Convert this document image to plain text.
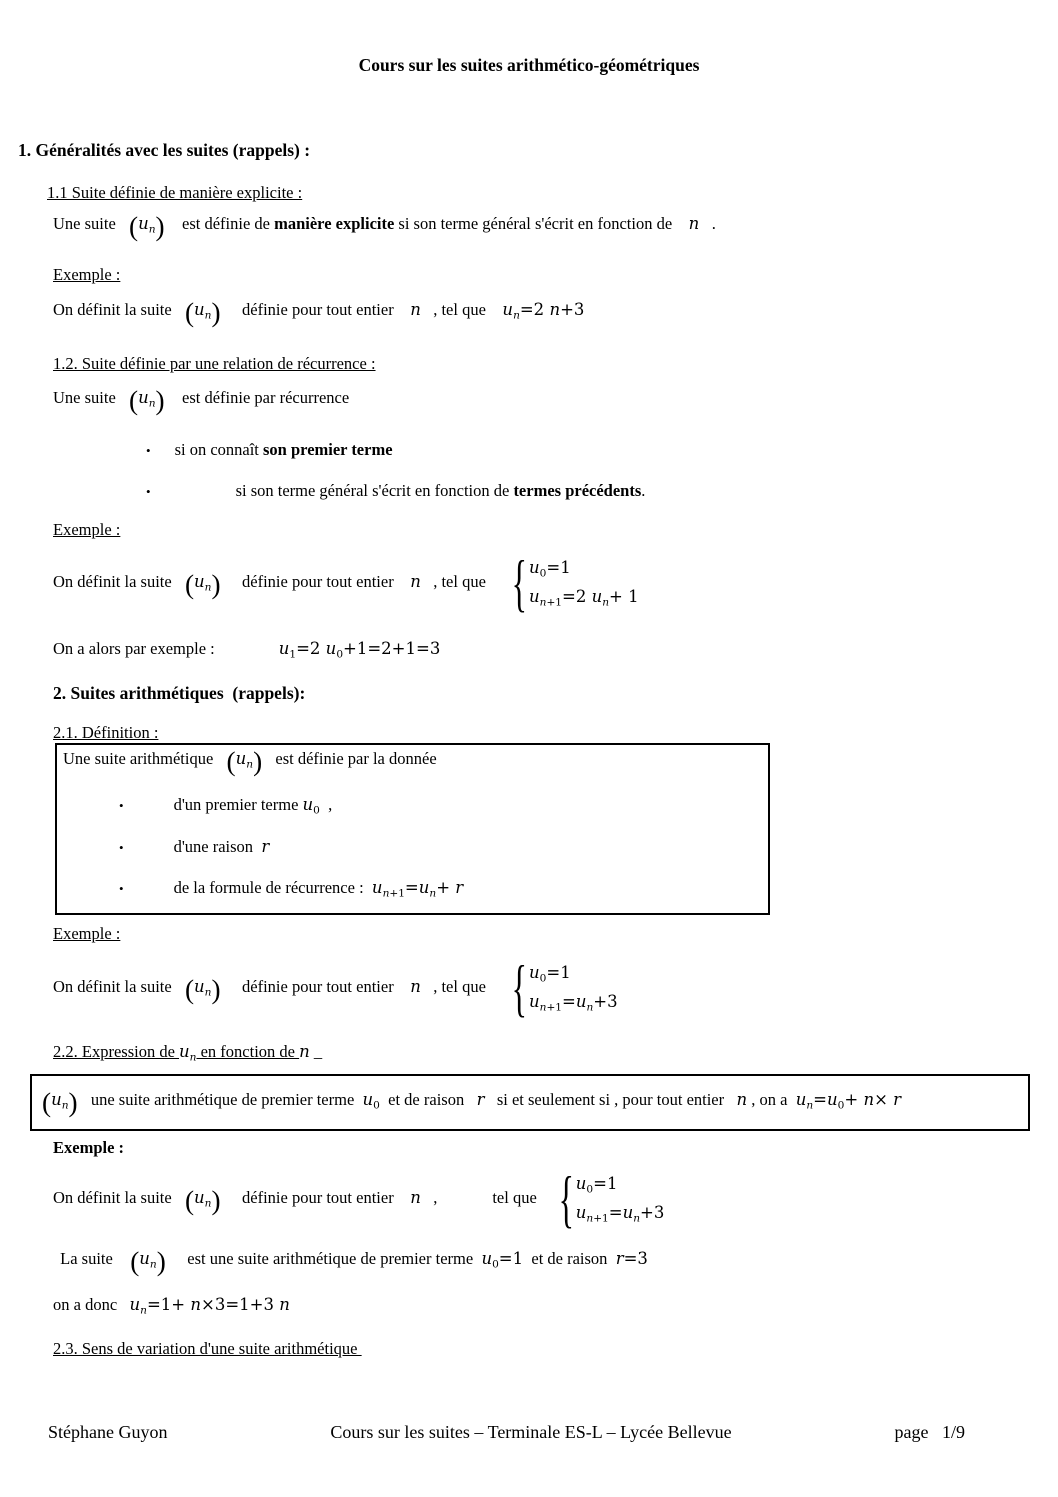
Cours sur les suites arithmético-géométriques
1. Généralités avec les suites (rappels) :
1.1 Suite définie de manière explicite :
Une suite  $(u_n)$   est définie de manière explicite si son terme général s'écrit en fonction de    n   .
Exemple :
On définit la suite  $(u_n)$    définie pour tout entier    n   , tel que    $u_n=2$ n+3
1.2. Suite définie par une relation de récurrence :
Une suite  $(u_n)$   est définie par récurrence
• si on connaît son premier terme
• si son terme général s'écrit en fonction de termes précédents.
Exemple :
On définit la suite  $(u_n)$    définie pour tout entier    n   , tel que { $u_0=1$
$u_{n+1}=2$ $u_n+ 1$
On a alors par exemple :	$u_1=2$ $u_0+1=2+1=3$
2. Suites arithmétiques  (rappels):
2.1. Définition :
Une suite arithmétique  $(u_n)$  est définie par la donnée
• d'un premier terme $u_0$  ,
• d'une raison  r
• de la formule de récurrence :  $u_{n+1}=u_n+ r$
Exemple :
On définit la suite  $(u_n)$    définie pour tout entier    n   , tel que { $u_0=1$
$u_{n+1}=u_n+3$
2.2. Expression de $u_n$ en fonction de n _
$(u_n)$  une suite arithmétique de premier terme  $u_0$  et de raison   r   si et seulement si , pour tout entier   n , on a  $u_n=u_0+ n\times r$
Exemple :
On définit la suite  $(u_n)$    définie pour tout entier    n   ,	tel que { $u_0=1$
$u_{n+1}=u_n+3$
La suite   $(u_n)$    est une suite arithmétique de premier terme  $u_0=1$  et de raison  r=3
on a donc   $u_n=1+ n\times 3=1+3$ n
2.3. Sens de variation d'une suite arithmétique
Stéphane Guyon	Cours sur les suites – Terminale ES-L – Lycée Bellevue	page 1/9
